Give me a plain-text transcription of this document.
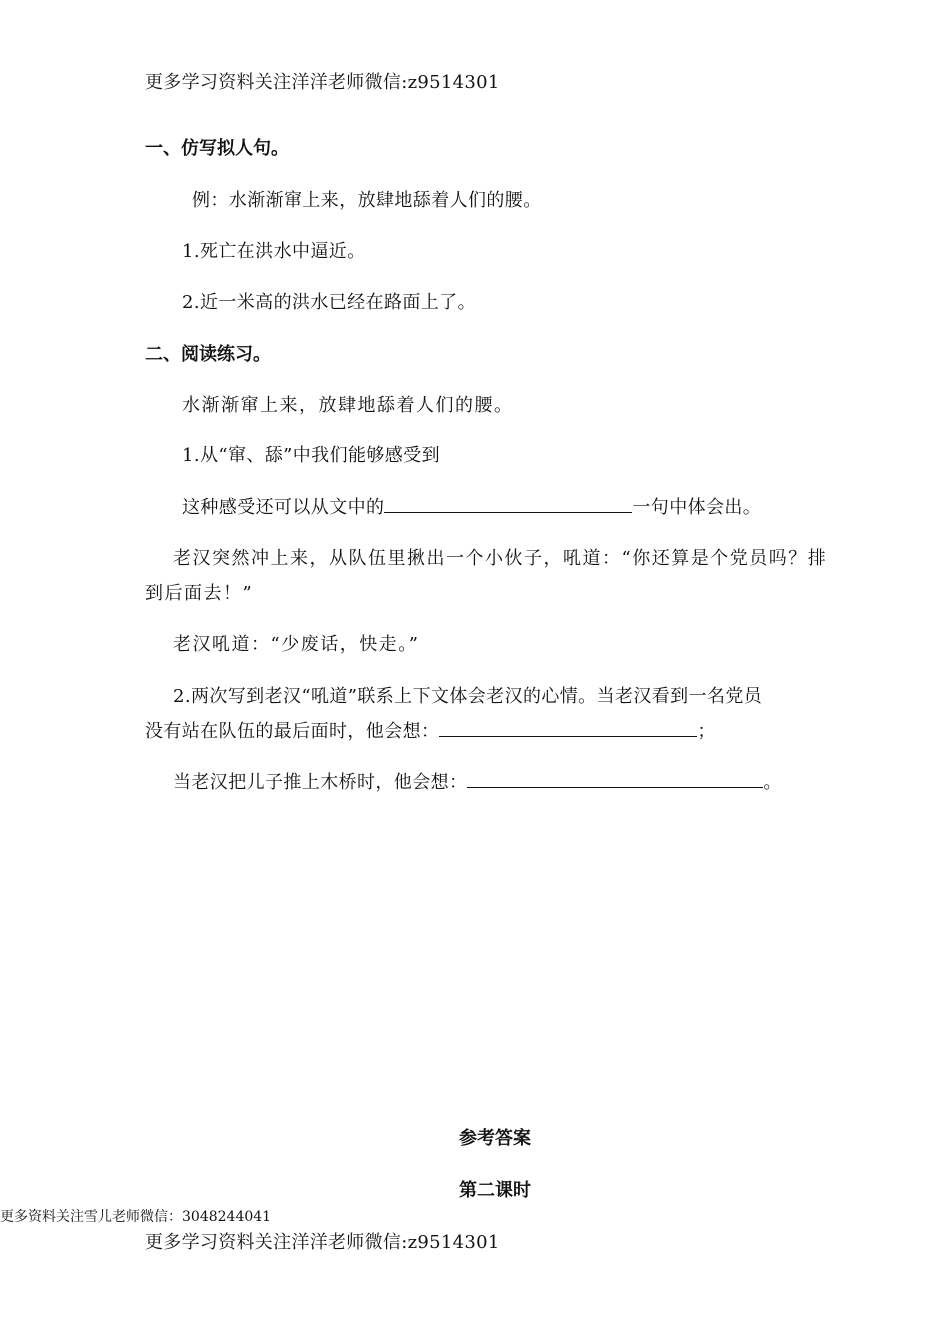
更多学习资料关注洋洋老师微信:z9514301
一、仿写拟人句。
例：水渐渐窜上来，放肆地舔着人们的腰。
1.死亡在洪水中逼近。
2.近一米高的洪水已经在路面上了。
二、阅读练习。
水渐渐窜上来，放肆地舔着人们的腰。
1.从“窜、舔”中我们能够感受到
这种感受还可以从文中的	一句中体会出。
老汉突然冲上来，从队伍里揪出一个小伙子，吼道：“你还算是个党员吗？排
到后面去！”
老汉吼道：“少废话，快走。”
2.两次写到老汉“吼道”联系上下文体会老汉的心情。当老汉看到一名党员
没有站在队伍的最后面时，他会想：	；
当老汉把儿子推上木桥时，他会想：	。
参考答案
第二课时
更多资料关注雪儿老师微信：3048244041
更多学习资料关注洋洋老师微信:z9514301
